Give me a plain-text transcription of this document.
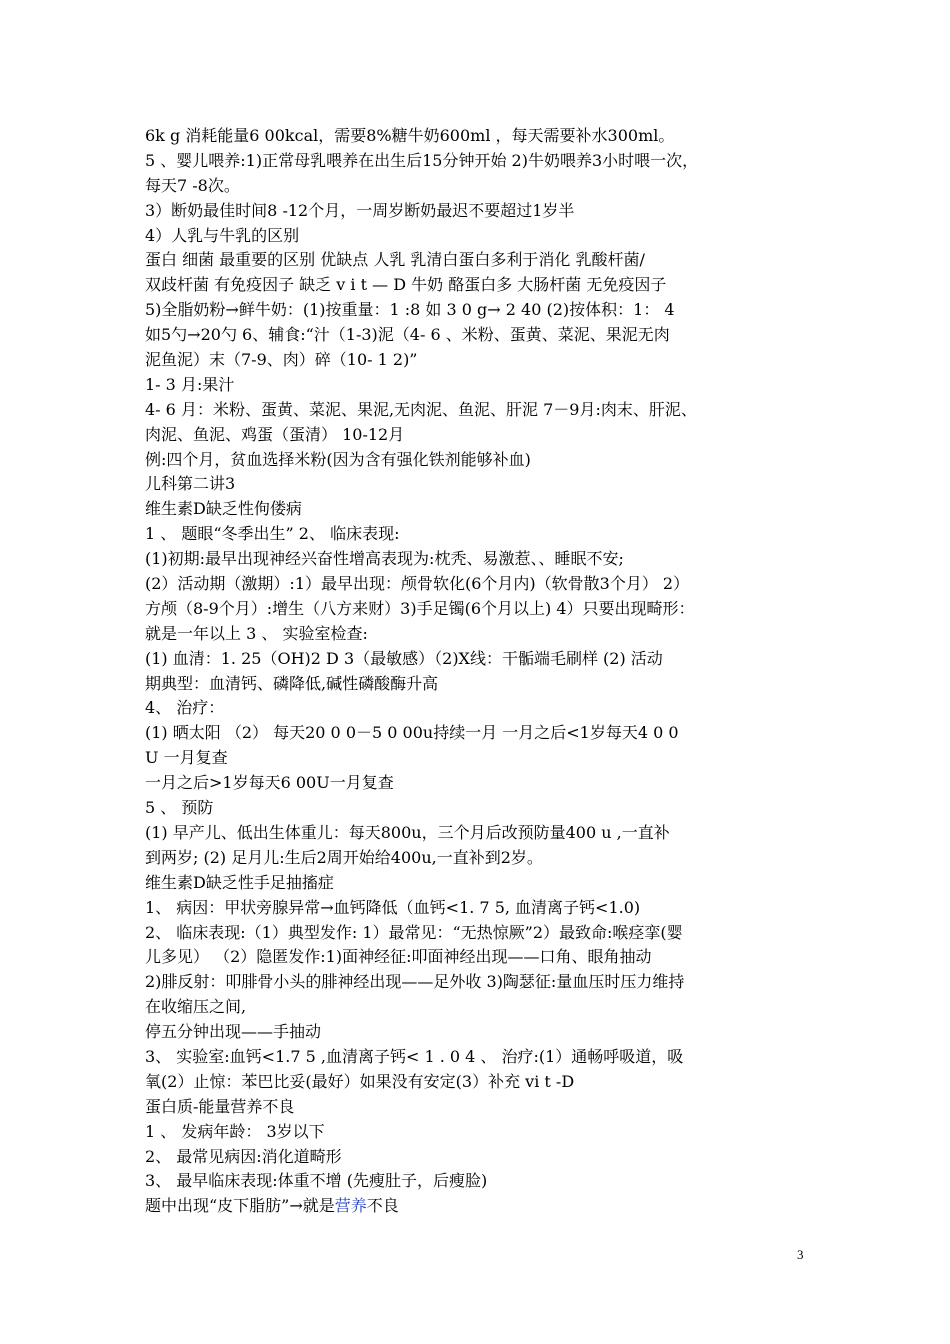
6k g 消耗能量6 00kcal，需要8%糖牛奶600ml ，每天需要补水300ml。
5 、婴儿喂养:1)正常母乳喂养在出生后15分钟开始 2)牛奶喂养3小时喂一次，
每天7 -8次。
3）断奶最佳时间8 -12个月，一周岁断奶最迟不要超过1岁半
4）人乳与牛乳的区别
蛋白 细菌 最重要的区别 优缺点 人乳 乳清白蛋白多利于消化 乳酸杆菌/
双歧杆菌 有免疫因子 缺乏 v i t — D 牛奶 酪蛋白多 大肠杆菌 无免疫因子
5)全脂奶粉→鲜牛奶：(1)按重量：1 :8 如 3 0 g→ 2 40 (2)按体积：1： 4
如5勺→20勺 6、辅食:“汁（1-3)泥（4- 6 、米粉、蛋黄、菜泥、果泥无肉
泥鱼泥）末（7-9、肉）碎（10- 1 2)”
1- 3 月:果汁
4- 6 月：米粉、蛋黄、菜泥、果泥,无肉泥、鱼泥、肝泥 7－9月:肉末、肝泥、
肉泥、鱼泥、鸡蛋（蛋清） 10-12月
例:四个月，贫血选择米粉(因为含有强化铁剂能够补血)
儿科第二讲3
维生素D缺乏性佝偻病
1 、 题眼“冬季出生” 2、 临床表现:
(1)初期:最早出现神经兴奋性增高表现为:枕秃、易激惹、、睡眠不安;
(2）活动期（激期）:1）最早出现：颅骨软化(6个月内)（软骨散3个月） 2）
方颅（8-9个月）:增生（八方来财）3)手足镯(6个月以上) 4）只要出现畸形：
就是一年以上 3 、 实验室检查:
(1) 血清：1. 25（OH)2 D 3（最敏感）（2)X线：干骺端毛刷样 (2) 活动
期典型：血清钙、磷降低,碱性磷酸酶升高
4、 治疗：
(1) 晒太阳 （2） 每天20 0 0－5 0 00u持续一月 一月之后<1岁每天4 0 0
U 一月复查
一月之后>1岁每天6 00U一月复查
5 、 预防
(1) 早产儿、低出生体重儿：每天800u，三个月后改预防量400 u ,一直补
到两岁; (2) 足月儿:生后2周开始给400u,一直补到2岁。
维生素D缺乏性手足抽搐症
1、 病因：甲状旁腺异常→血钙降低（血钙<1. 7 5, 血清离子钙<1.0)
2、 临床表现:（1）典型发作: 1）最常见：“无热惊厥”2）最致命:喉痉挛(婴
儿多见） （2）隐匿发作:1)面神经征:叩面神经出现——口角、眼角抽动
2)腓反射：叩腓骨小头的腓神经出现——足外收 3)陶瑟征:量血压时压力维持
在收缩压之间,
停五分钟出现——手抽动
3、 实验室:血钙<1.7 5 ,血清离子钙< 1 . 0 4 、 治疗:(1）通畅呼吸道，吸
氧(2）止惊：苯巴比妥(最好）如果没有安定(3）补充 vi t -D
蛋白质-能量营养不良
1 、 发病年龄： 3岁以下
2、 最常见病因:消化道畸形
3、 最早临床表现:体重不增 (先瘦肚子，后瘦脸)
题中出现“皮下脂肪”→就是营养不良
3
